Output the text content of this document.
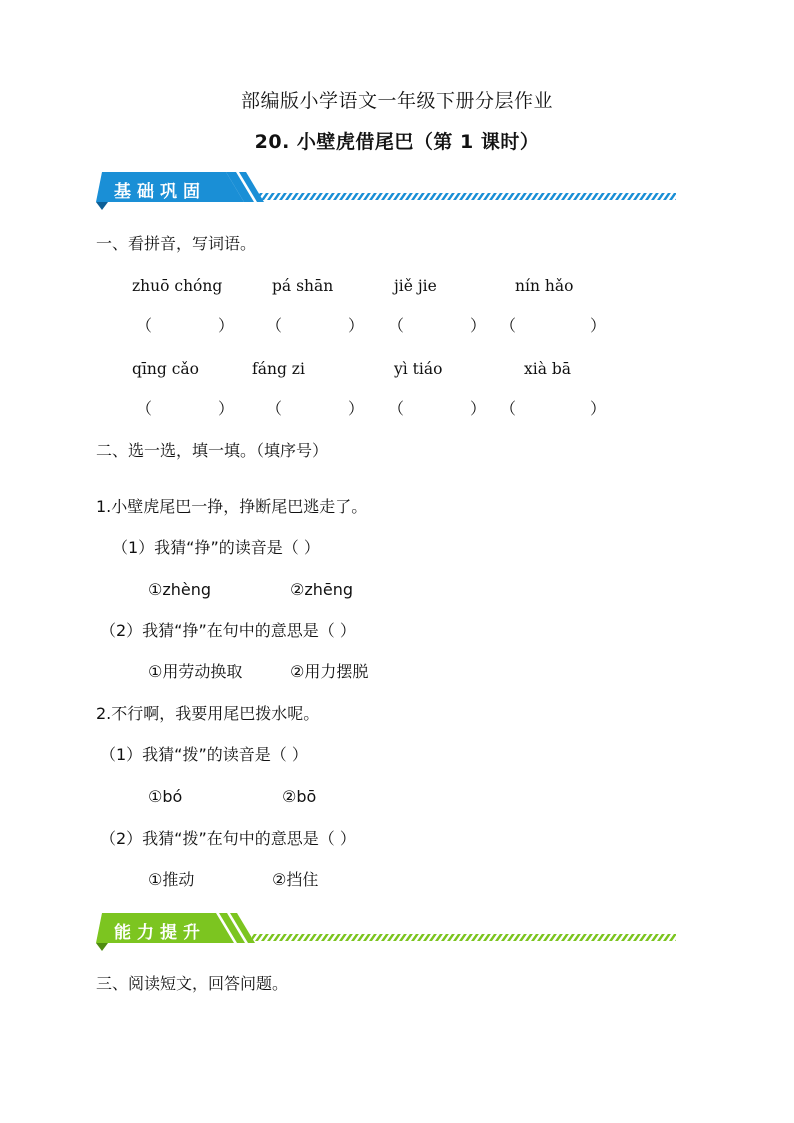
部编版小学语文一年级下册分层作业
20. 小壁虎借尾巴（第 1 课时）
基础巩固
一、看拼音，写词语。
zhuō chóng	pá shān	jiě jie	nín hǎo
（	） （	） （	） （	）
qīng cǎo	fáng zi	yì tiáo	xià bā
（	） （	） （	） （	）
二、选一选，填一填。（填序号）
1.小壁虎尾巴一挣，挣断尾巴逃走了。
（1）我猜“挣”的读音是（ ）
①zhèng	②zhēng
（2）我猜“挣”在句中的意思是（ ）
①用劳动换取	②用力摆脱
2.不行啊，我要用尾巴拨水呢。
（1）我猜“拨”的读音是（ ）
①bó	②bō
（2）我猜“拨”在句中的意思是（ ）
①推动	②挡住
能力提升
三、阅读短文，回答问题。
